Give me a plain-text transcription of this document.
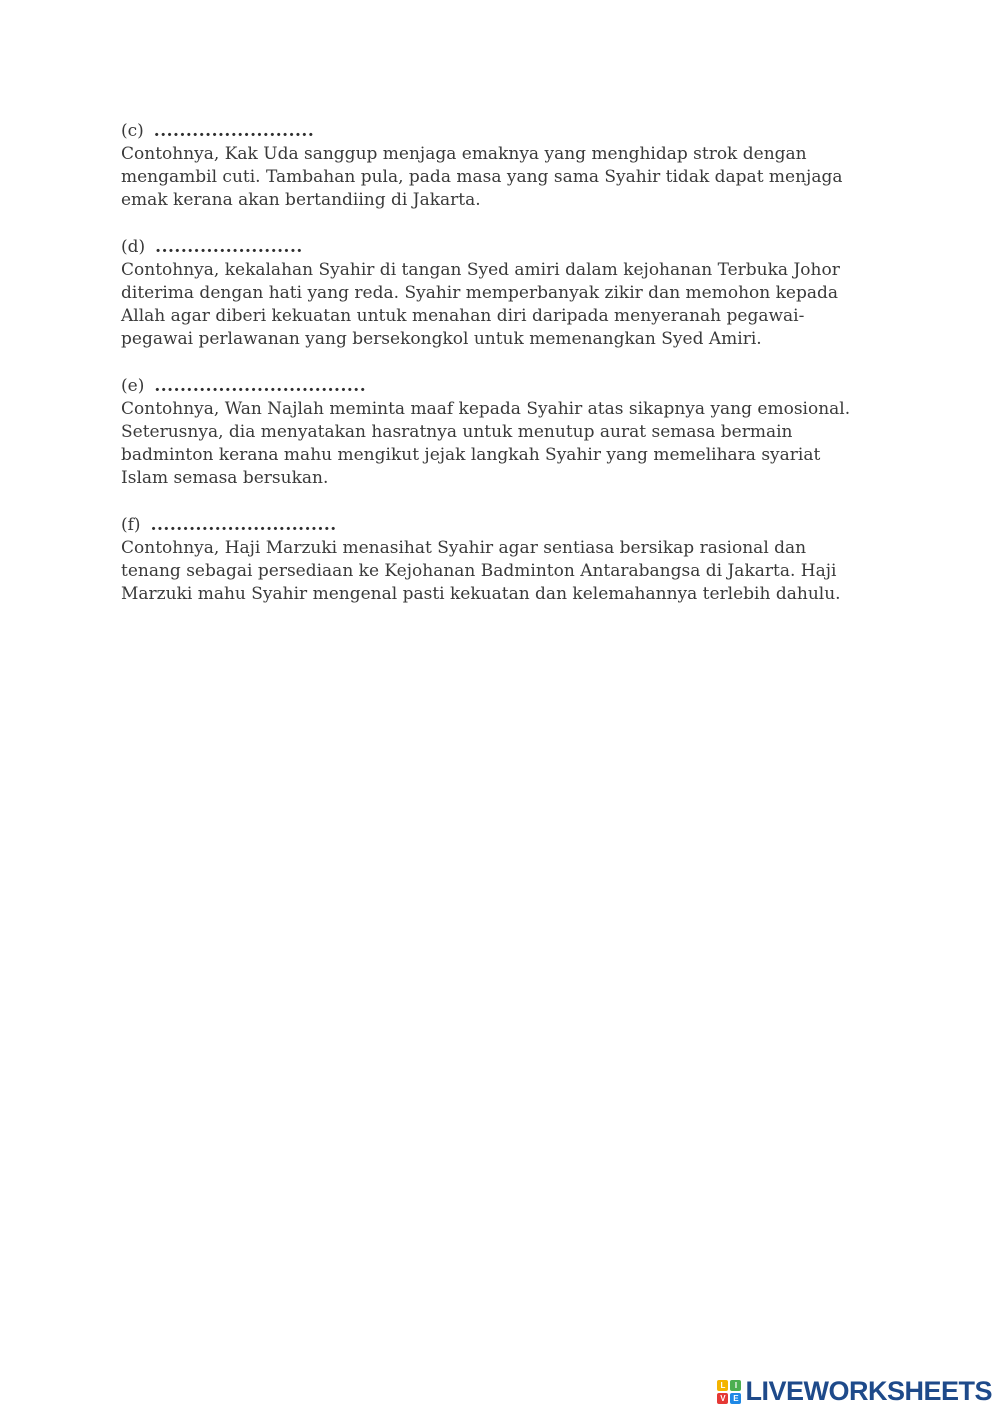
(c) .........................
Contohnya, Kak Uda sanggup menjaga emaknya yang menghidap strok dengan
mengambil cuti. Tambahan pula, pada masa yang sama Syahir tidak dapat menjaga
emak kerana akan bertandiing di Jakarta.
(d) .......................
Contohnya, kekalahan Syahir di tangan Syed amiri dalam kejohanan Terbuka Johor
diterima dengan hati yang reda. Syahir memperbanyak zikir dan memohon kepada
Allah agar diberi kekuatan untuk menahan diri daripada menyeranah pegawai-
pegawai perlawanan yang bersekongkol untuk memenangkan Syed Amiri.
(e) .................................
Contohnya, Wan Najlah meminta maaf kepada Syahir atas sikapnya yang emosional.
Seterusnya, dia menyatakan hasratnya untuk menutup aurat semasa bermain
badminton kerana mahu mengikut jejak langkah Syahir yang memelihara syariat
Islam semasa bersukan.
(f) .............................
Contohnya, Haji Marzuki menasihat Syahir agar sentiasa bersikap rasional dan
tenang sebagai persediaan ke Kejohanan Badminton Antarabangsa di Jakarta. Haji
Marzuki mahu Syahir mengenal pasti kekuatan dan kelemahannya terlebih dahulu.
L	I
V E LIVEWORKSHEETS
